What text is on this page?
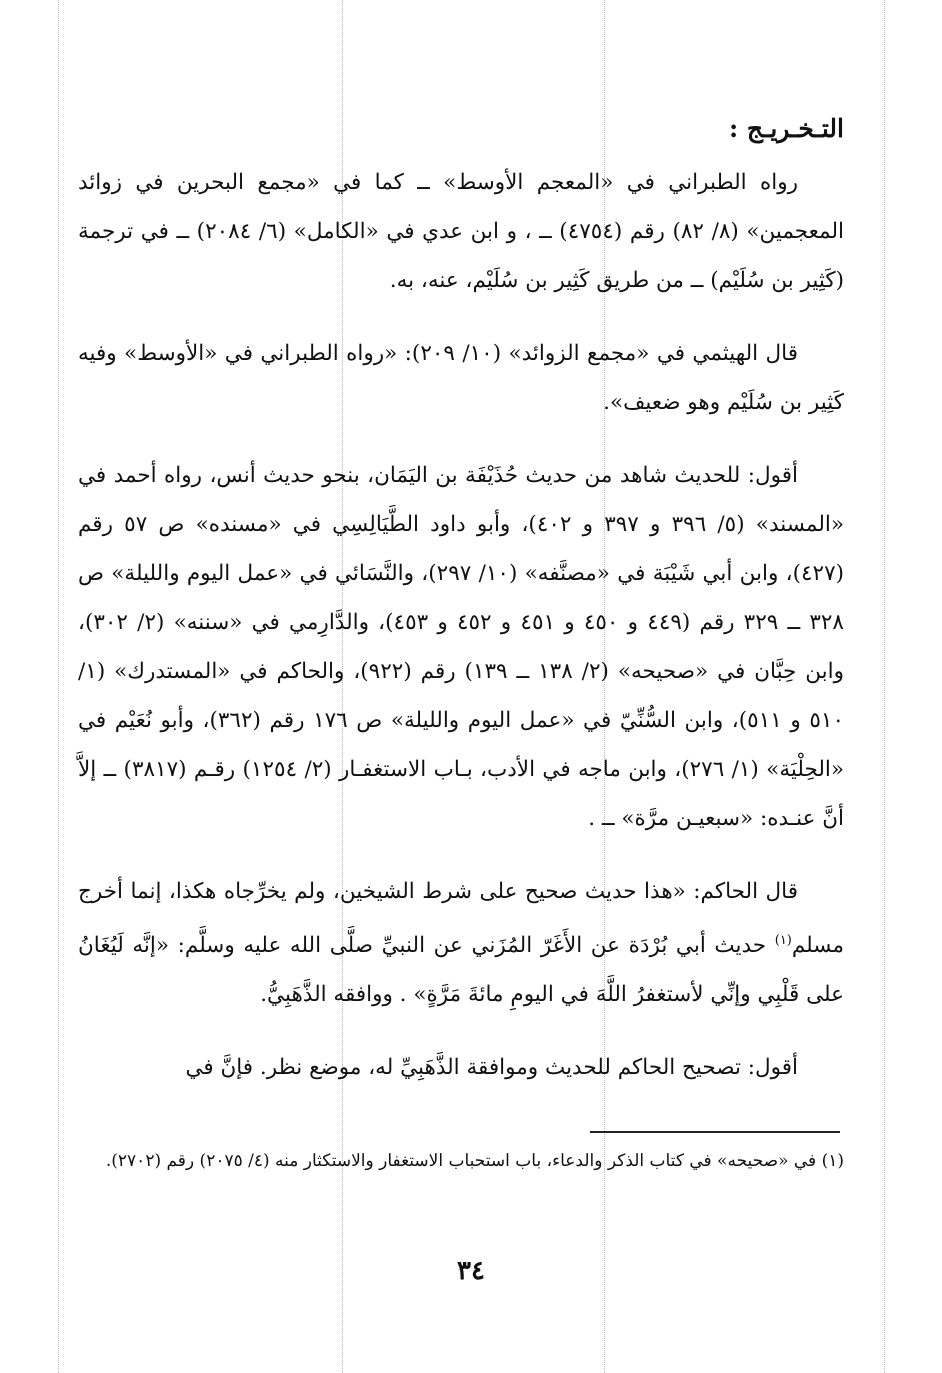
التـخـريـج :

رواه الطبراني في «المعجم الأوسط» ــ كما في «مجمع البحرين في زوائد المعجمين» (٨/ ٨٢) رقم (٤٧٥٤) ــ ، و ابن عدي في «الكامل» (٦/ ٢٠٨٤) ــ في ترجمة (كَثِير بن سُلَيْم) ــ من طريق كَثِير بن سُلَيْم، عنه، به.

قال الهيثمي في «مجمع الزوائد» (١٠/ ٢٠٩): «رواه الطبراني في «الأوسط» وفيه كَثِير بن سُلَيْم وهو ضعيف».

أقول: للحديث شاهد من حديث حُذَيْفَة بن اليَمَان، بنحو حديث أنس، رواه أحمد في «المسند» (٥/ ٣٩٦ و ٣٩٧ و ٤٠٢)، وأبو داود الطَّيَالِسِي في «مسنده» ص ٥٧ رقم (٤٢٧)، وابن أبي شَيْبَة في «مصنَّفه» (١٠/ ٢٩٧)، والنَّسَائي في «عمل اليوم والليلة» ص ٣٢٨ ــ ٣٢٩ رقم (٤٤٩ و ٤٥٠ و ٤٥١ و ٤٥٢ و ٤٥٣)، والدَّارِمي في «سننه» (٢/ ٣٠٢)، وابن حِبَّان في «صحيحه» (٢/ ١٣٨ ــ ١٣٩) رقم (٩٢٢)، والحاكم في «المستدرك» (١/ ٥١٠ و ٥١١)، وابن السُّنِّيّ في «عمل اليوم والليلة» ص ١٧٦ رقم (٣٦٢)، وأبو نُعَيْم في «الحِلْيَة» (١/ ٢٧٦)، وابن ماجه في الأدب، بـاب الاستغفـار (٢/ ١٢٥٤) رقـم (٣٨١٧) ــ إلاَّ أنَّ عنـده: «سبعيـن مرَّة» ــ .

قال الحاكم: «هذا حديث صحيح على شرط الشيخين، ولم يخرِّجاه هكذا، إنما أخرج مسلم$^{(١)}$ حديث أبي بُرْدَة عن الأَغَرّ المُزَني عن النبيِّ صلَّى الله عليه وسلَّم: «إنَّه لَيُغَانُ على قَلْبِي وإنِّي لأستغفرُ اللَّهَ في اليومِ مائةَ مَرَّةٍ» . ووافقه الذَّهَبِيُّ.

أقول: تصحيح الحاكم للحديث وموافقة الذَّهَبِيِّ له، موضع نظر. فإنَّ في

(١) في «صحيحه» في كتاب الذكر والدعاء، باب استحباب الاستغفار والاستكثار منه (٤/ ٢٠٧٥) رقم (٢٧٠٢).
٣٤
